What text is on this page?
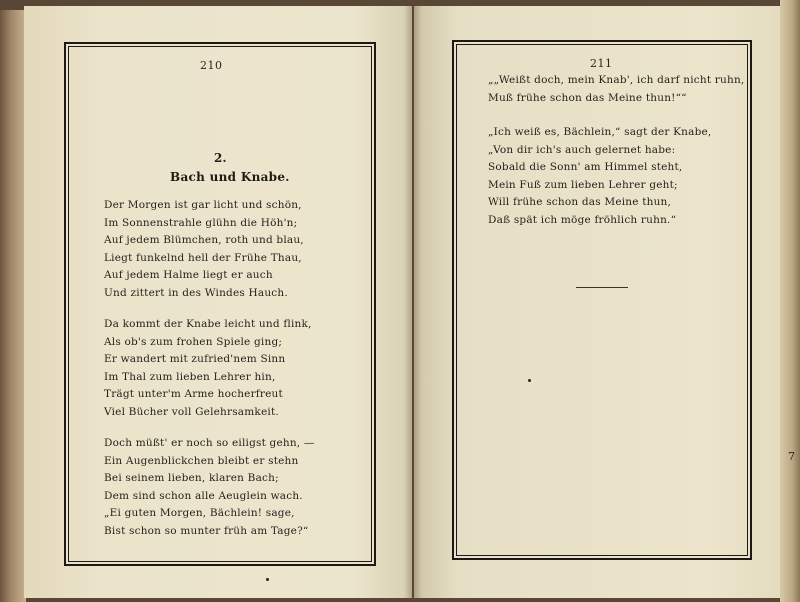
210
2.
Bach und Knabe.
Der Morgen ist gar licht und schön,
Im Sonnenstrahle glühn die Höh'n;
Auf jedem Blümchen, roth und blau,
Liegt funkelnd hell der Frühe Thau,
Auf jedem Halme liegt er auch
Und zittert in des Windes Hauch.
Da kommt der Knabe leicht und flink,
Als ob's zum frohen Spiele ging;
Er wandert mit zufried'nem Sinn
Im Thal zum lieben Lehrer hin,
Trägt unter'm Arme hocherfreut
Viel Bücher voll Gelehrsamkeit.
Doch müßt' er noch so eiligst gehn, —
Ein Augenblickchen bleibt er stehn
Bei seinem lieben, klaren Bach;
Dem sind schon alle Aeuglein wach.
„Ei guten Morgen, Bächlein! sage,
Bist schon so munter früh am Tage?“
211
„„Weißt doch, mein Knab', ich darf nicht ruhn,
Muß frühe schon das Meine thun!““
„Ich weiß es, Bächlein,“ sagt der Knabe,
„Von dir ich's auch gelernet habe:
Sobald die Sonn' am Himmel steht,
Mein Fuß zum lieben Lehrer geht;
Will frühe schon das Meine thun,
Daß spät ich möge fröhlich ruhn.“
7
